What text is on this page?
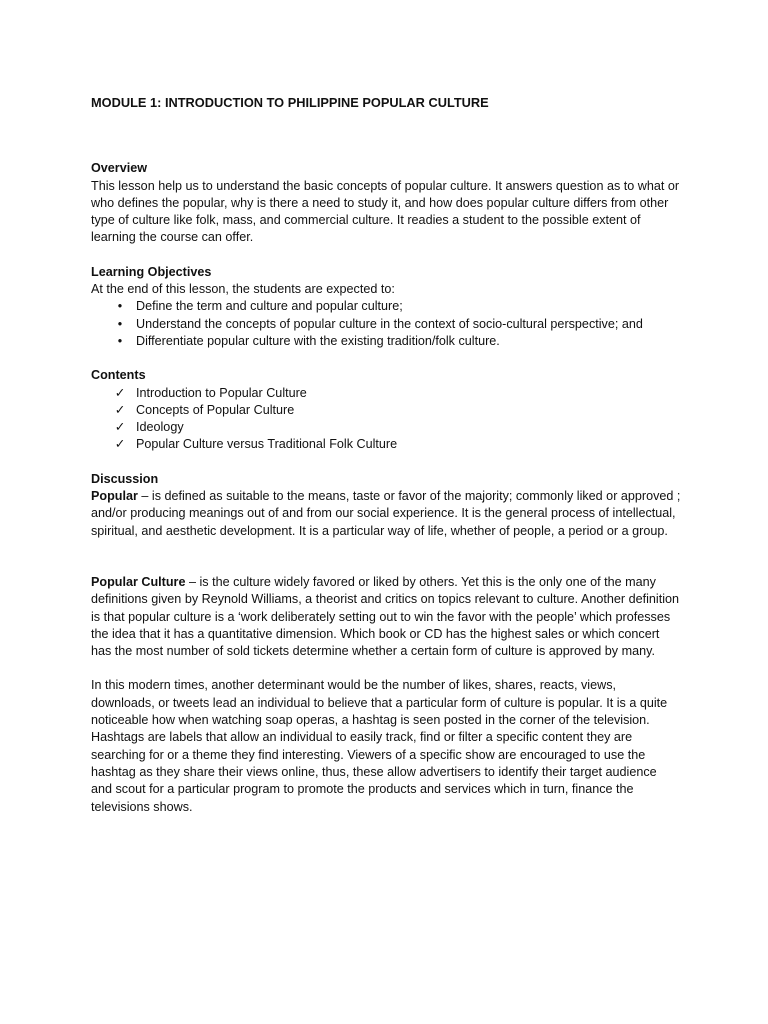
MODULE 1: INTRODUCTION TO PHILIPPINE POPULAR CULTURE

Overview

This lesson help us to understand the basic concepts of popular culture. It answers question as to what or who defines the popular, why is there a need to study it, and how does popular culture differs from other type of culture like folk, mass, and commercial culture. It readies a student to the possible extent of learning the course can offer.

Learning Objectives

At the end of this lesson, the students are expected to:

•	Define the term and culture and popular culture;
•	Understand the concepts of popular culture in the context of socio-cultural perspective; and
•	Differentiate popular culture with the existing tradition/folk culture.

Contents

✓ Introduction to Popular Culture
✓ Concepts of Popular Culture
✓ Ideology
✓ Popular Culture versus Traditional Folk Culture

Discussion

Popular – is defined as suitable to the means, taste or favor of the majority; commonly liked or approved ; and/or producing meanings out of and from our social experience. It is the general process of intellectual, spiritual, and aesthetic development. It is a particular way of life, whether of people, a period or a group.

Popular Culture – is the culture widely favored or liked by others. Yet this is the only one of the many definitions given by Reynold Williams, a theorist and critics on topics relevant to culture. Another definition is that popular culture is a ‘work deliberately setting out to win the favor with the people’ which professes the idea that it has a quantitative dimension. Which book or CD has the highest sales or which concert has the most number of sold tickets determine whether a certain form of culture is approved by many.

In this modern times, another determinant would be the number of likes, shares, reacts, views, downloads, or tweets lead an individual to believe that a particular form of culture is popular. It is a quite noticeable how when watching soap operas, a hashtag is seen posted in the corner of the television. Hashtags are labels that allow an individual to easily track, find or filter a specific content they are searching for or a theme they find interesting. Viewers of a specific show are encouraged to use the hashtag as they share their views online, thus, these allow advertisers to identify their target audience and scout for a particular program to promote the products and services which in turn, finance the televisions shows.
